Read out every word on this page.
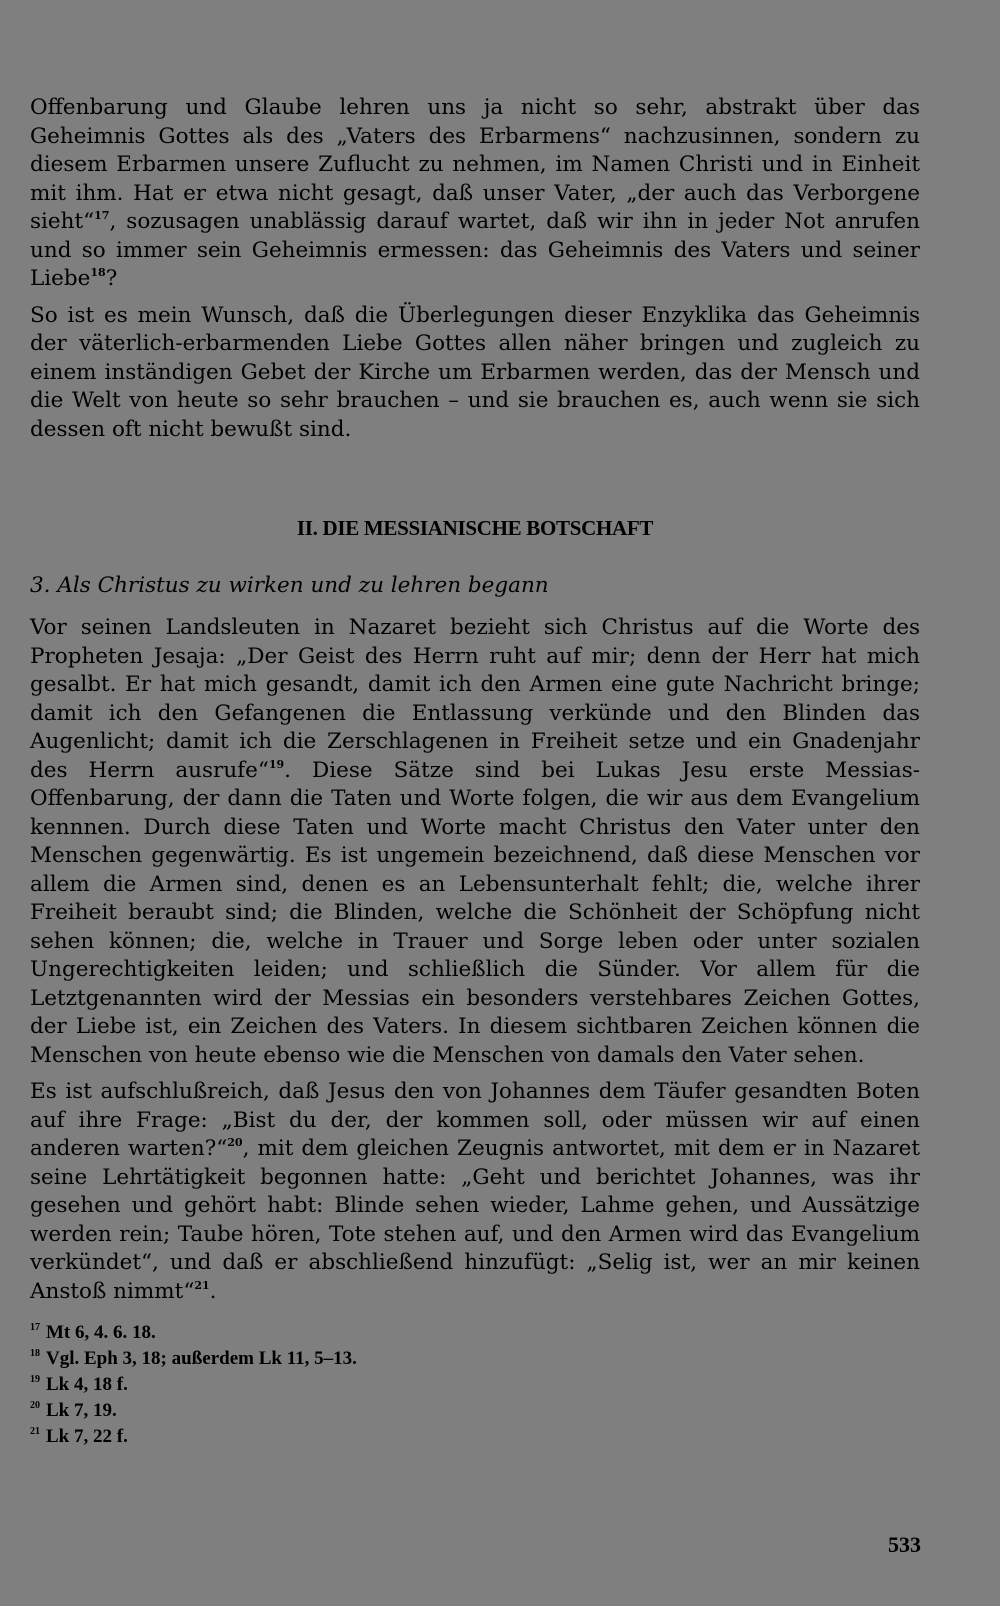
Offenbarung und Glaube lehren uns ja nicht so sehr, abstrakt über das Geheimnis Gottes als des „Vaters des Erbarmens“ nachzusinnen, sondern zu diesem Erbarmen unsere Zuflucht zu nehmen, im Namen Christi und in Einheit mit ihm. Hat er etwa nicht gesagt, daß unser Vater, „der auch das Verborgene sieht“$^{17}$, sozusagen unablässig darauf wartet, daß wir ihn in jeder Not anrufen und so immer sein Geheimnis ermessen: das Geheimnis des Vaters und seiner Liebe$^{18}$?

So ist es mein Wunsch, daß die Überlegungen dieser Enzyklika das Geheimnis der väterlich-erbarmenden Liebe Gottes allen näher bringen und zugleich zu einem inständigen Gebet der Kirche um Erbarmen werden, das der Mensch und die Welt von heute so sehr brauchen – und sie brauchen es, auch wenn sie sich dessen oft nicht bewußt sind.

II. DIE MESSIANISCHE BOTSCHAFT
3. Als Christus zu wirken und zu lehren begann

Vor seinen Landsleuten in Nazaret bezieht sich Christus auf die Worte des Propheten Jesaja: „Der Geist des Herrn ruht auf mir; denn der Herr hat mich gesalbt. Er hat mich gesandt, damit ich den Armen eine gute Nachricht bringe; damit ich den Gefangenen die Entlassung verkünde und den Blinden das Augenlicht; damit ich die Zerschlagenen in Freiheit setze und ein Gnadenjahr des Herrn ausrufe“$^{19}$. Diese Sätze sind bei Lukas Jesu erste Messias-Offenbarung, der dann die Taten und Worte folgen, die wir aus dem Evangelium kennnen. Durch diese Taten und Worte macht Christus den Vater unter den Menschen gegenwärtig. Es ist ungemein bezeichnend, daß diese Menschen vor allem die Armen sind, denen es an Lebensunterhalt fehlt; die, welche ihrer Freiheit beraubt sind; die Blinden, welche die Schönheit der Schöpfung nicht sehen können; die, welche in Trauer und Sorge leben oder unter sozialen Ungerechtigkeiten leiden; und schließlich die Sünder. Vor allem für die Letztgenannten wird der Messias ein besonders verstehbares Zeichen Gottes, der Liebe ist, ein Zeichen des Vaters. In diesem sichtbaren Zeichen können die Menschen von heute ebenso wie die Menschen von damals den Vater sehen.

Es ist aufschlußreich, daß Jesus den von Johannes dem Täufer gesandten Boten auf ihre Frage: „Bist du der, der kommen soll, oder müssen wir auf einen anderen warten?“$^{20}$, mit dem gleichen Zeugnis antwortet, mit dem er in Nazaret seine Lehrtätigkeit begonnen hatte: „Geht und berichtet Johannes, was ihr gesehen und gehört habt: Blinde sehen wieder, Lahme gehen, und Aussätzige werden rein; Taube hören, Tote stehen auf, und den Armen wird das Evangelium verkündet“, und daß er abschließend hinzufügt: „Selig ist, wer an mir keinen Anstoß nimmt“$^{21}$.

$^{17}$ Mt 6, 4. 6. 18.
$^{18}$ Vgl. Eph 3, 18; außerdem Lk 11, 5–13.
$^{19}$ Lk 4, 18 f.
$^{20}$ Lk 7, 19.
$^{21}$ Lk 7, 22 f.
533
